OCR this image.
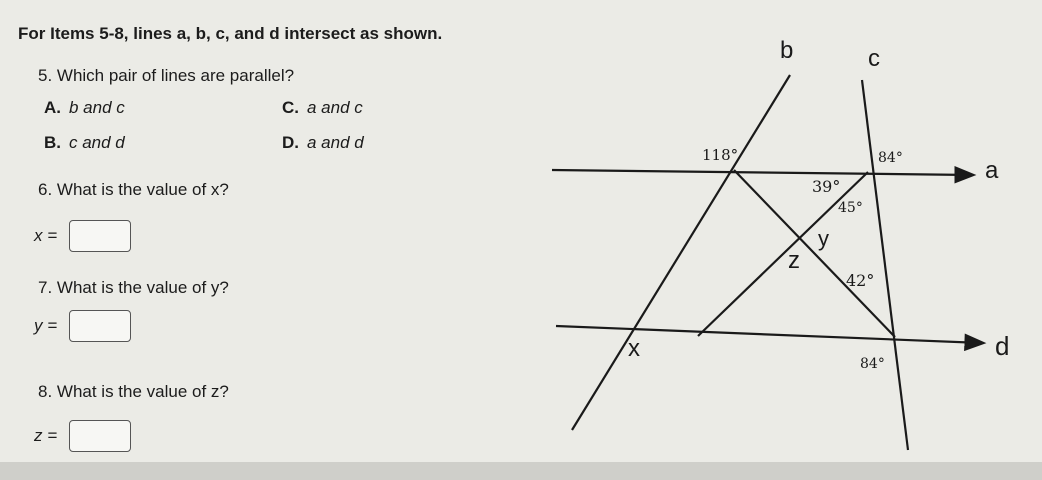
For Items 5-8, lines a, b, c, and d intersect as shown.

5. Which pair of lines are parallel?

A. b and c	C. a and c
B. c and d	D. a and d

6. What is the value of x?

x =

7. What is the value of y?

y =

8. What is the value of z?

z =
b	c
a
d
118°	84°
39°
45°
42°
84°
y
z
x
